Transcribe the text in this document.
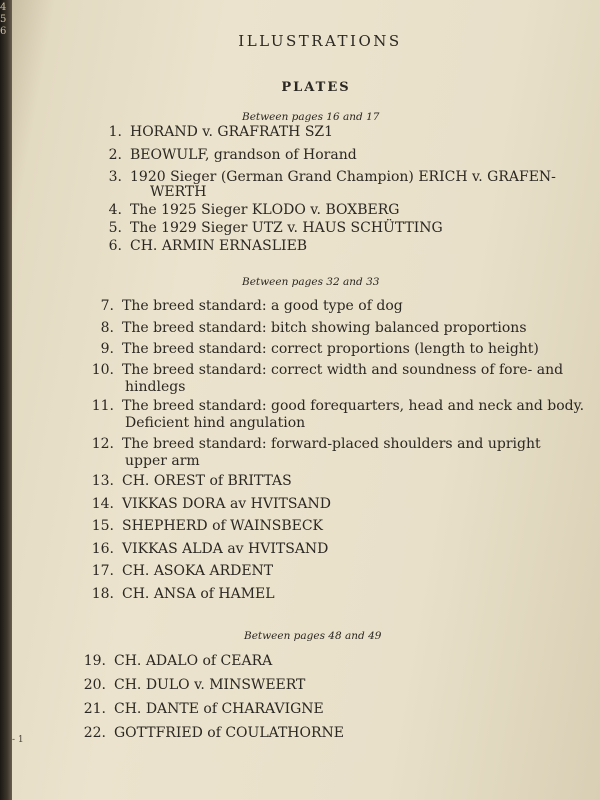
4
5
6
ILLUSTRATIONS
PLATES
Between pages 16 and 17
1. HORAND v. GRAFRATH SZ1
2. BEOWULF, grandson of Horand
3. 1920 Sieger (German Grand Champion) ERICH v. GRAFEN-
WERTH
4. The 1925 Sieger KLODO v. BOXBERG
5. The 1929 Sieger UTZ v. HAUS SCHÜTTING
6. CH. ARMIN ERNASLIEB
Between pages 32 and 33
7. The breed standard: a good type of dog
8. The breed standard: bitch showing balanced proportions
9. The breed standard: correct proportions (length to height)
10. The breed standard: correct width and soundness of fore- and
hindlegs
11. The breed standard: good forequarters, head and neck and body.
Deficient hind angulation
12. The breed standard: forward-placed shoulders and upright
upper arm
13. CH. OREST of BRITTAS
14. VIKKAS DORA av HVITSAND
15. SHEPHERD of WAINSBECK
16. VIKKAS ALDA av HVITSAND
17. CH. ASOKA ARDENT
18. CH. ANSA of HAMEL
Between pages 48 and 49
19. CH. ADALO of CEARA
20. CH. DULO v. MINSWEERT
21. CH. DANTE of CHARAVIGNE
22. GOTTFRIED of COULATHORNE
- 1
